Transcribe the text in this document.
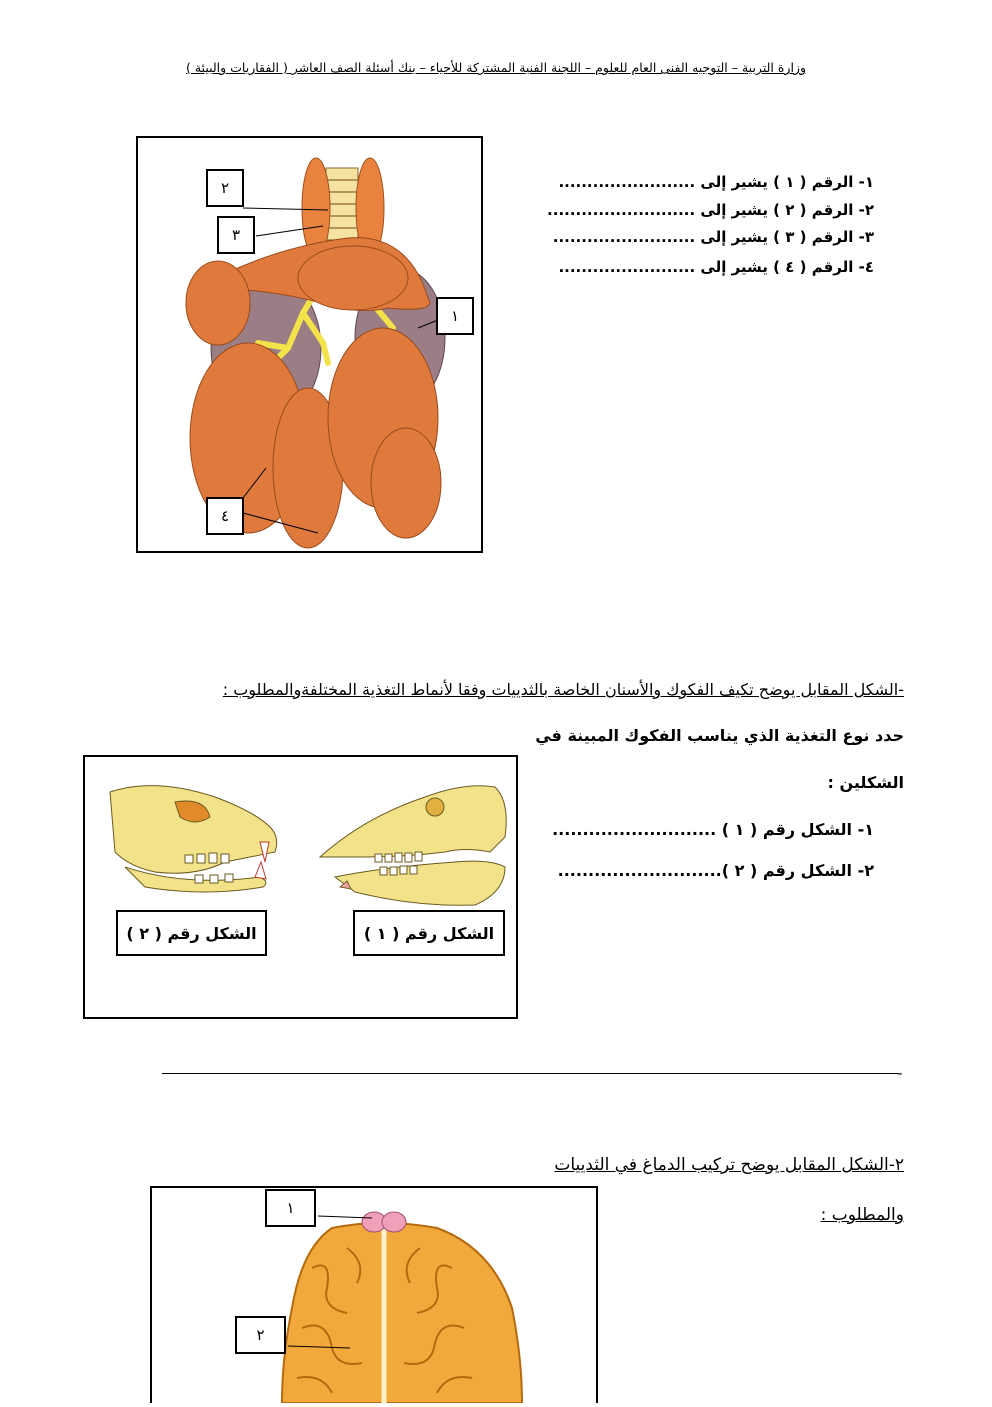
وزارة التربية – التوجيه الفنى العام للعلوم – اللجنة الفنية المشتركة للأحياء – بنك أسئلة الصف العاشر ( الفقاريات والبيئة )
٢
٣
١
٤
١- الرقم ( ١ ) يشير إلى ........................
٢- الرقم ( ٢ ) يشير إلى ..........................
٣- الرقم ( ٣ ) يشير إلى .........................
٤- الرقم ( ٤ ) يشير إلى ........................
-الشكل المقابل يوضح تكيف الفكوك والأسنان الخاصة بالثدييات وفقا لأنماط التغذية المختلفةوالمطلوب :
حدد نوع التغذية الذي يناسب الفكوك المبينة في
الشكلين :
١- الشكل رقم ( ١ ) ...........................
٢- الشكل رقم ( ٢ )...........................
الشكل رقم ( ٢ )	الشكل رقم ( ١ )
-
٢-الشكل المقابل يوضح تركيب الدماغ في الثدييات
والمطلوب :
١
٢
